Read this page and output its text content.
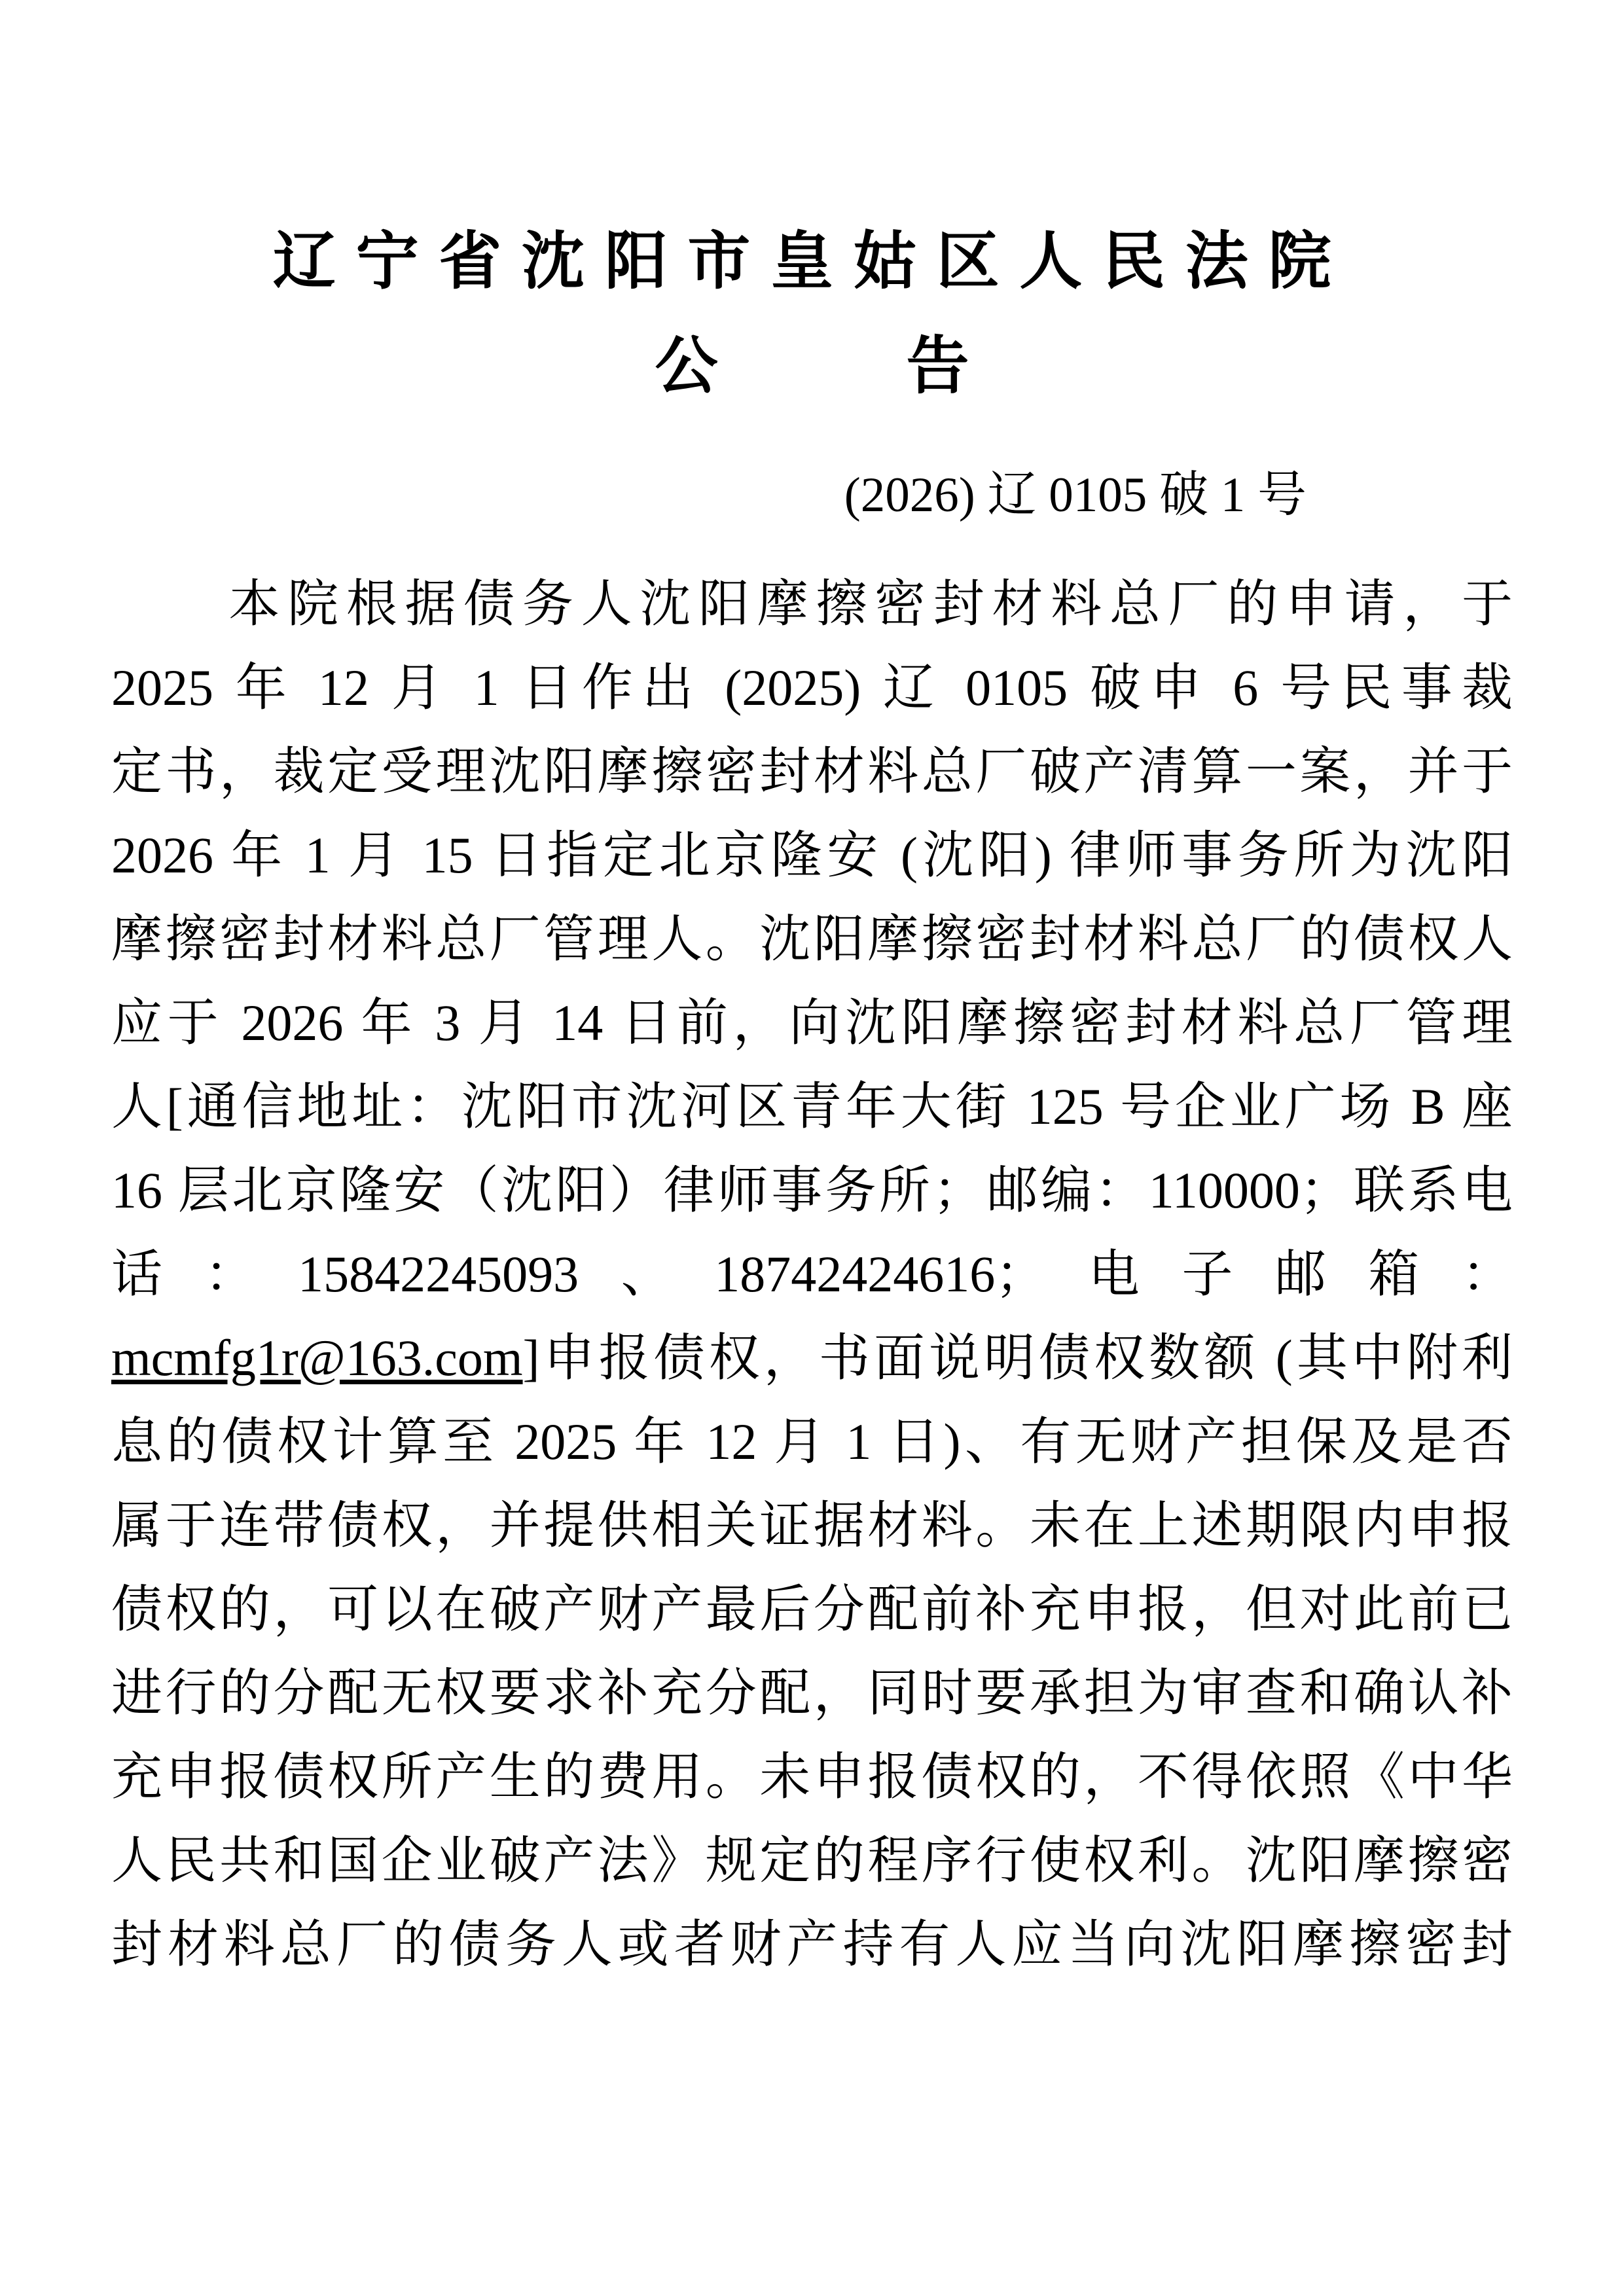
辽宁省沈阳市皇姑区人民法院
公　　　告
(2026) 辽 0105 破 1 号
　　本院根据债务人沈阳摩擦密封材料总厂的申请，于
2025 年 12 月 1 日作出 (2025) 辽 0105 破申 6 号民事裁
定书，裁定受理沈阳摩擦密封材料总厂破产清算一案，并于
2026 年 1 月 15 日指定北京隆安 (沈阳) 律师事务所为沈阳
摩擦密封材料总厂管理人。沈阳摩擦密封材料总厂的债权人
应于 2026 年 3 月 14 日前，向沈阳摩擦密封材料总厂管理
人[通信地址：沈阳市沈河区青年大街 125 号企业广场 B 座
16 层北京隆安（沈阳）律师事务所；邮编：110000；联系电
话：15842245093、18742424616；电子邮箱：
mcmfg1r@163.com]申报债权，书面说明债权数额 (其中附利
息的债权计算至 2025 年 12 月 1 日)、有无财产担保及是否
属于连带债权，并提供相关证据材料。未在上述期限内申报
债权的，可以在破产财产最后分配前补充申报，但对此前已
进行的分配无权要求补充分配，同时要承担为审查和确认补
充申报债权所产生的费用。未申报债权的，不得依照《中华
人民共和国企业破产法》规定的程序行使权利。沈阳摩擦密
封材料总厂的债务人或者财产持有人应当向沈阳摩擦密封
